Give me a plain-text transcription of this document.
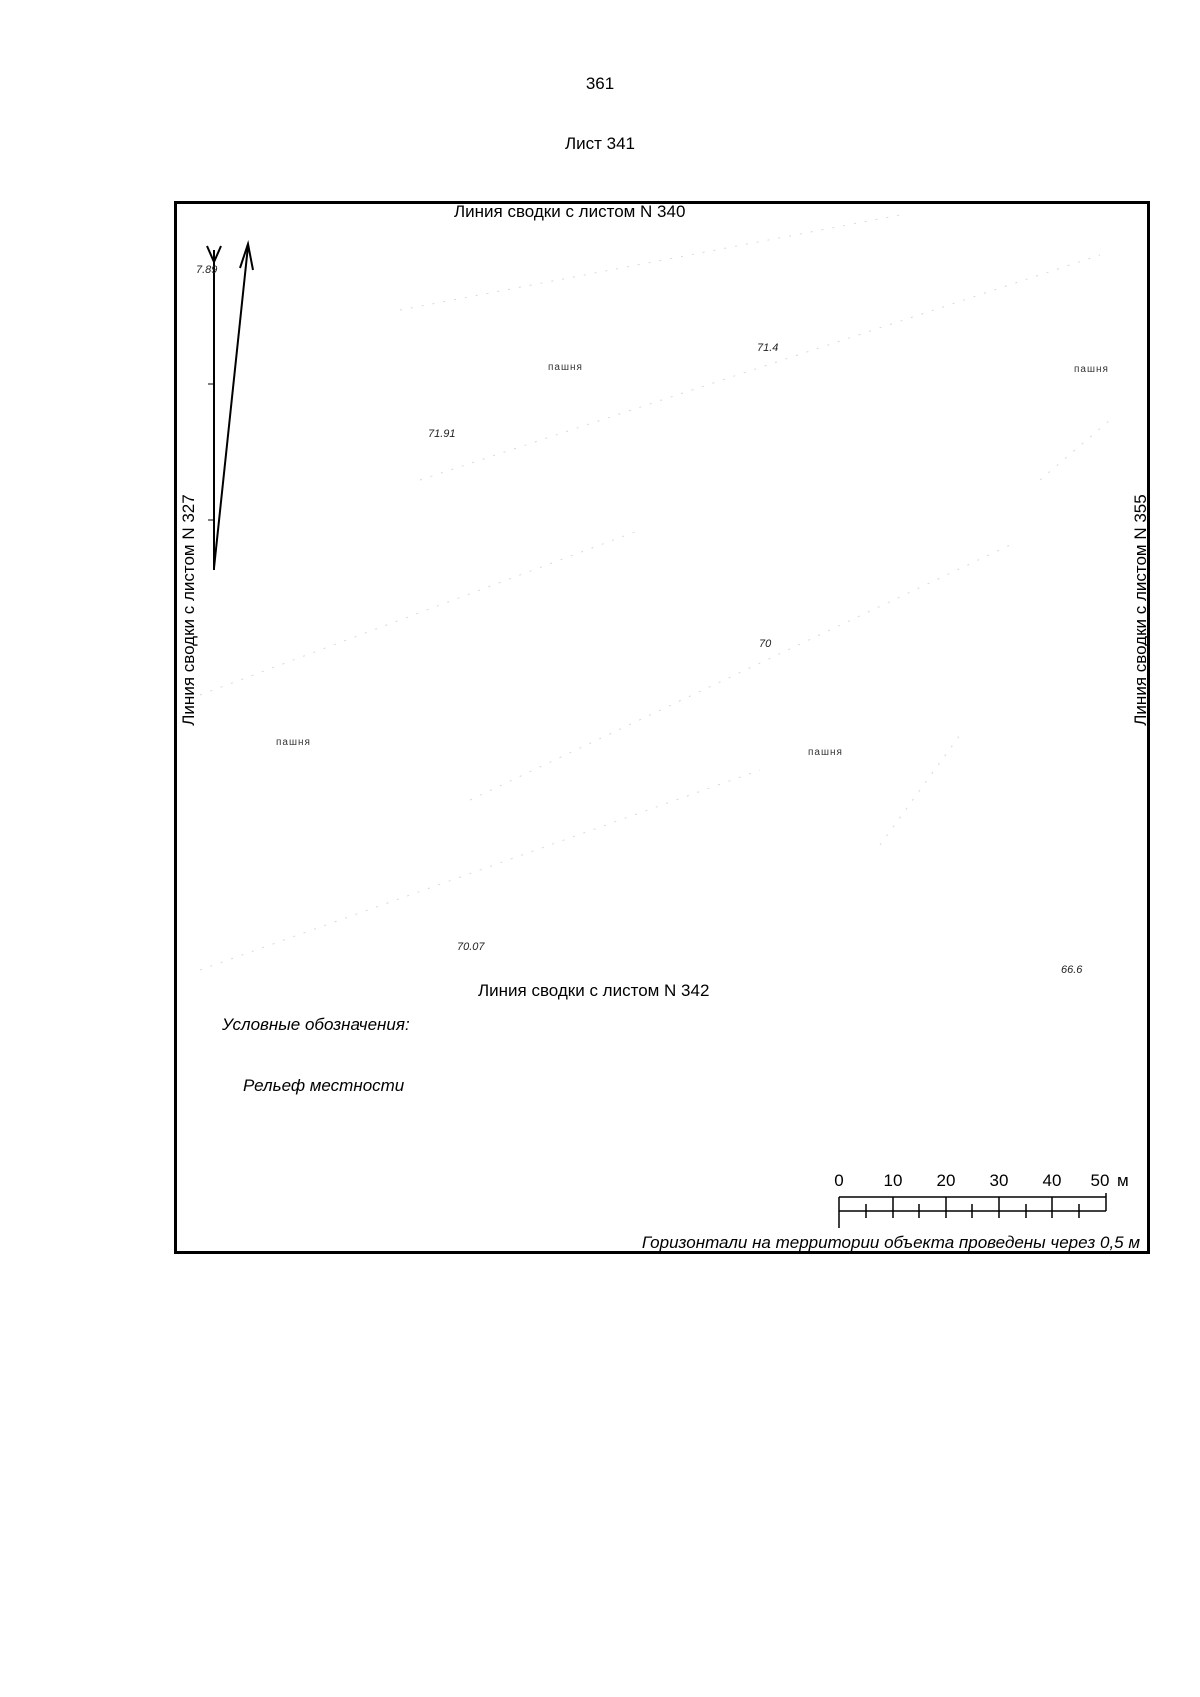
361
Лист 341
Линия сводки с листом N 340
Линия сводки с листом N 342
Линия сводки с листом N 327	Линия сводки с листом N 355
7.89
71.4
71.91
70
70.07
66.6
пашня	пашня
пашня
пашня
Условные обозначения:
Рельеф местности
0 10 20 30 40 50 м
Горизонтали на территории объекта проведены через 0,5 м
